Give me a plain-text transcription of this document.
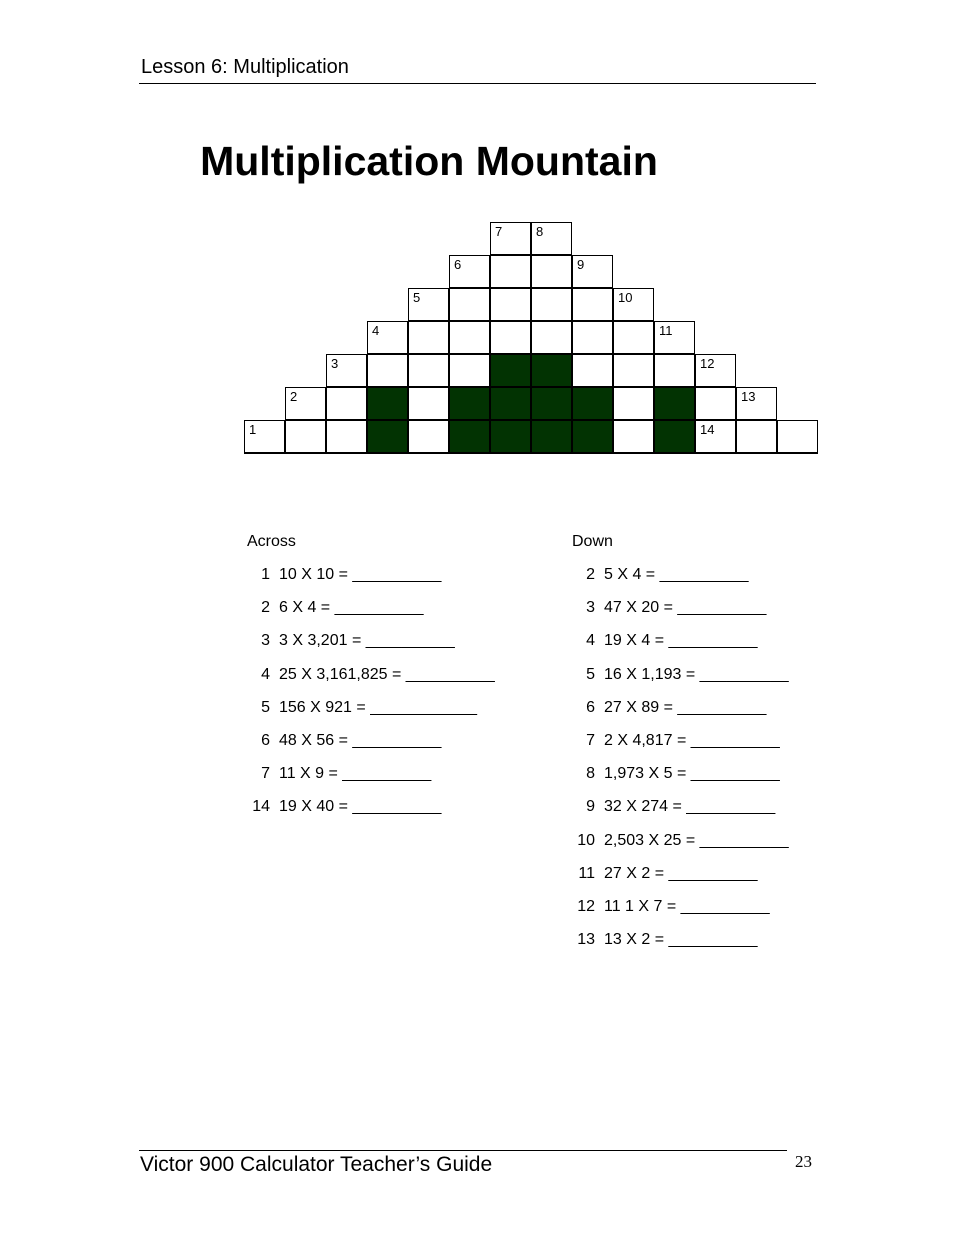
Lesson 6: Multiplication
Multiplication Mountain
7	8
6	9
5	10
4	11
3	12
2	13
1	14
Across
1 10 X 10 = __________
2 6 X 4 = __________
3 3 X 3,201 = __________
4 25 X 3,161,825 = __________
5 156 X 921 = ____________
6 48 X 56 = __________
7 11 X 9 = __________
14 19 X 40 = __________
Down
2 5 X 4 = __________
3 47 X 20 = __________
4 19 X 4 = __________
5 16 X 1,193 = __________
6 27 X 89 = __________
7 2 X 4,817 = __________
8 1,973 X 5 = __________
9 32 X 274 = __________
10 2,503 X 25 = __________
11 27 X 2 = __________
12 11 1 X 7 = __________
13 13 X 2 = __________
Victor 900 Calculator Teacher’s Guide	23
